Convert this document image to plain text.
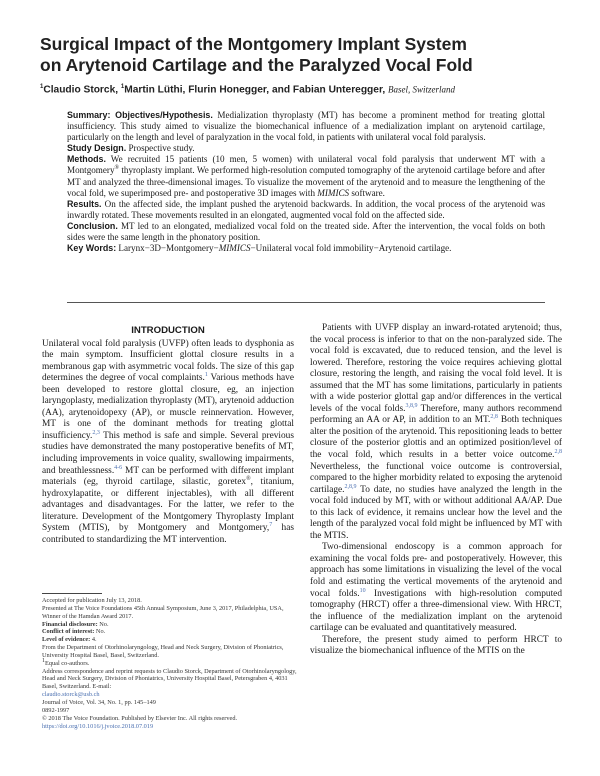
Surgical Impact of the Montgomery Implant System
on Arytenoid Cartilage and the Paralyzed Vocal Fold
$^1$Claudio Storck, $^1$Martin Lüthi, Flurin Honegger, and Fabian Unteregger, Basel, Switzerland

Summary: Objectives/Hypothesis. Medialization thyroplasty (MT) has become a prominent method for treating glottal insufficiency. This study aimed to visualize the biomechanical influence of a medialization implant on arytenoid cartilage, particularly on the length and level of paralyzation in the vocal fold, in patients with unilateral vocal fold paralysis.

Study Design. Prospective study.

Methods. We recruited 15 patients (10 men, 5 women) with unilateral vocal fold paralysis that underwent MT with a Montgomery® thyroplasty implant. We performed high-resolution computed tomography of the arytenoid cartilage before and after MT and analyzed the three-dimensional images. To visualize the movement of the arytenoid and to measure the lengthening of the vocal fold, we superimposed pre- and postoperative 3D images with MIMICS software.

Results. On the affected side, the implant pushed the arytenoid backwards. In addition, the vocal process of the arytenoid was inwardly rotated. These movements resulted in an elongated, augmented vocal fold on the affected side.

Conclusion. MT led to an elongated, medialized vocal fold on the treated side. After the intervention, the vocal folds on both sides were the same length in the phonatory position.

Key Words: Larynx−3D−Montgomery−MIMICS−Unilateral vocal fold immobility−Arytenoid cartilage.

INTRODUCTION

Unilateral vocal fold paralysis (UVFP) often leads to dysphonia as the main symptom. Insufficient glottal closure results in a membranous gap with asymmetric vocal folds. The size of this gap determines the degree of vocal complaints.$^1$ Various methods have been developed to restore glottal closure, eg, an injection laryngoplasty, medialization thyroplasty (MT), arytenoid adduction (AA), arytenoidopexy (AP), or muscle reinnervation. However, MT is one of the dominant methods for treating glottal insufficiency.$^{2,3}$ This method is safe and simple. Several previous studies have demonstrated the many postoperative benefits of MT, including improvements in voice quality, swallowing impairments, and breathlessness.$^{4-6}$ MT can be performed with different implant materials (eg, thyroid cartilage, silastic, goretex®, titanium, hydroxylapatite, or different injectables), with all different advantages and disadvantages. For the latter, we refer to the literature. Development of the Montgomery Thyroplasty Implant System (MTIS), by Montgomery and Montgomery,$^7$ has contributed to standardizing the MT intervention.

Patients with UVFP display an inward-rotated arytenoid; thus, the vocal process is inferior to that on the non-paralyzed side. The vocal fold is excavated, due to reduced tension, and the level is lowered. Therefore, restoring the voice requires achieving glottal closure, restoring the length, and raising the vocal fold level. It is assumed that the MT has some limitations, particularly in patients with a wide posterior glottal gap and/or differences in the vertical levels of the vocal folds.$^{3,8,9}$ Therefore, many authors recommend performing an AA or AP, in addition to an MT.$^{2,8}$ Both techniques alter the position of the arytenoid. This repositioning leads to better closure of the posterior glottis and an optimized position/level of the vocal fold, which results in a better voice outcome.$^{2,8}$ Nevertheless, the functional voice outcome is controversial, compared to the higher morbidity related to exposing the arytenoid cartilage.$^{2,8,9}$ To date, no studies have analyzed the length in the vocal fold induced by MT, with or without additional AA/AP. Due to this lack of evidence, it remains unclear how the level and the length of the paralyzed vocal fold might be influenced by MT with the MTIS.

Two-dimensional endoscopy is a common approach for examining the vocal folds pre- and postoperatively. However, this approach has some limitations in visualizing the level of the vocal fold and estimating the vertical movements of the arytenoid and vocal folds.$^{10}$ Investigations with high-resolution computed tomography (HRCT) offer a three-dimensional view. With HRCT, the influence of the medialization implant on the arytenoid cartilage can be evaluated and quantitatively measured.

Therefore, the present study aimed to perform HRCT to visualize the biomechanical influence of the MTIS on the

Accepted for publication July 13, 2018.

Presented at The Voice Foundations 45th Annual Symposium, June 3, 2017, Philadelphia, USA, Winner of the Hamdan Award 2017.

Financial disclosure: No.

Conflict of interest: No.

Level of evidence: 4.

From the Department of Otorhinolaryngology, Head and Neck Surgery, Division of Phoniatrics, University Hospital Basel, Basel, Switzerland.

1Equal co-authors.

Address correspondence and reprint requests to Claudio Storck, Department of Otorhinolaryngology, Head and Neck Surgery, Division of Phoniatrics, University Hospital Basel, Petersgraben 4, 4031 Basel, Switzerland. E-mail:

claudio.storck@usb.ch

Journal of Voice, Vol. 34, No. 1, pp. 145–149

0892-1997

© 2018 The Voice Foundation. Published by Elsevier Inc. All rights reserved.

https://doi.org/10.1016/j.jvoice.2018.07.019
